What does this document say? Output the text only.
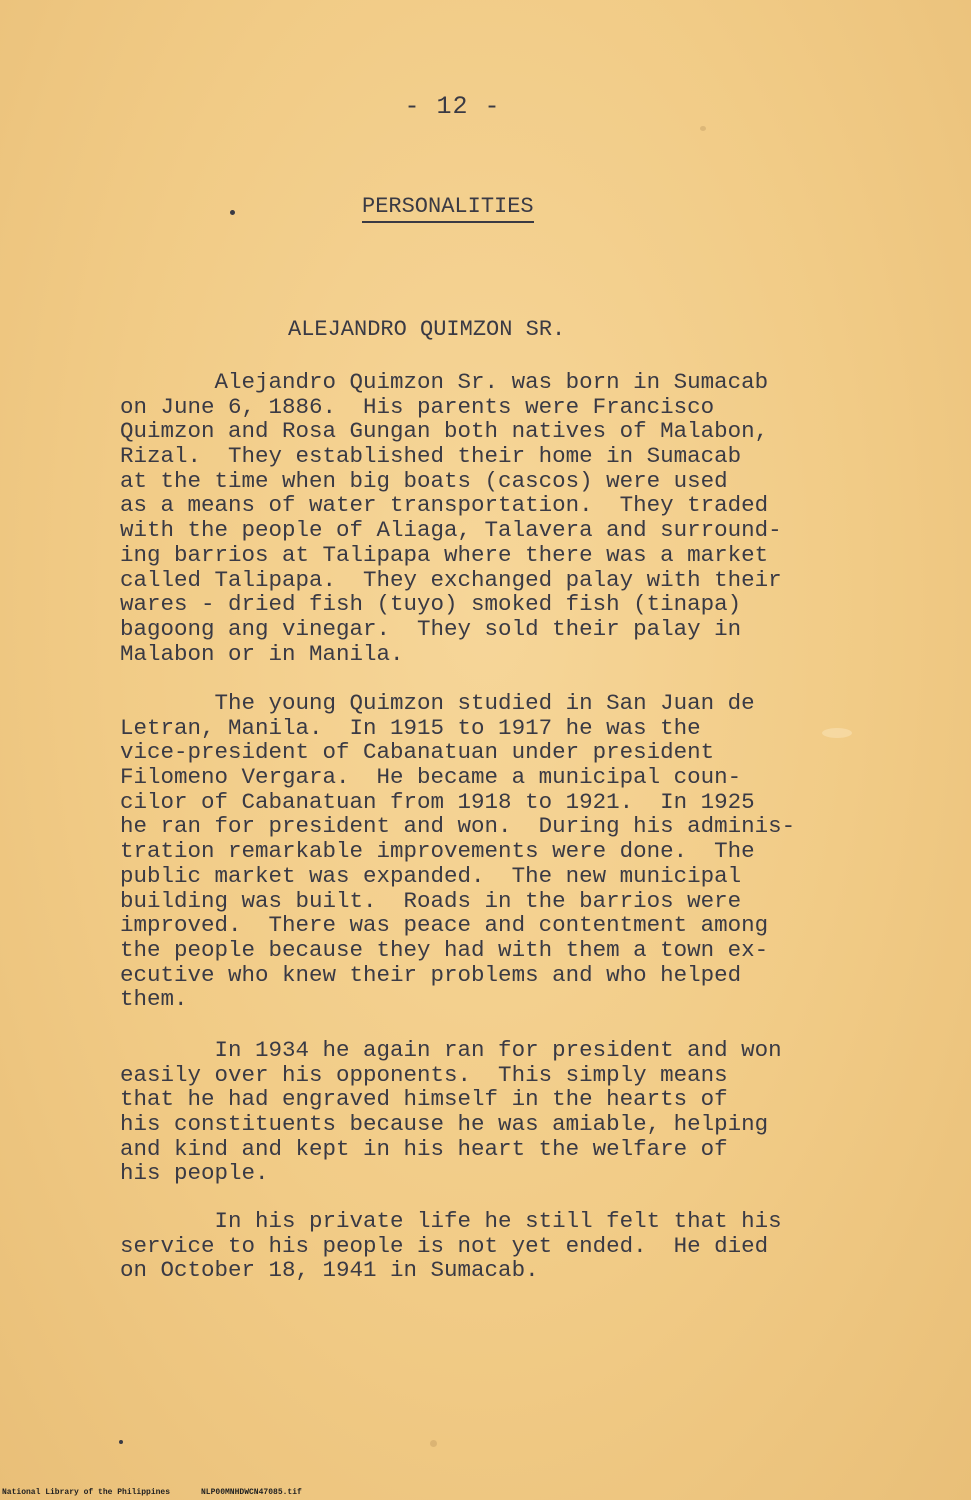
- 12 -
PERSONALITIES
ALEJANDRO QUIMZON SR.
Alejandro Quimzon Sr. was born in Sumacab
on June 6, 1886.  His parents were Francisco
Quimzon and Rosa Gungan both natives of Malabon,
Rizal.  They established their home in Sumacab
at the time when big boats (cascos) were used
as a means of water transportation.  They traded
with the people of Aliaga, Talavera and surround-
ing barrios at Talipapa where there was a market
called Talipapa.  They exchanged palay with their
wares - dried fish (tuyo) smoked fish (tinapa)
bagoong ang vinegar.  They sold their palay in
Malabon or in Manila.
The young Quimzon studied in San Juan de
Letran, Manila.  In 1915 to 1917 he was the
vice-president of Cabanatuan under president
Filomeno Vergara.  He became a municipal coun-
cilor of Cabanatuan from 1918 to 1921.  In 1925
he ran for president and won.  During his adminis-
tration remarkable improvements were done.  The
public market was expanded.  The new municipal
building was built.  Roads in the barrios were
improved.  There was peace and contentment among
the people because they had with them a town ex-
ecutive who knew their problems and who helped
them.
In 1934 he again ran for president and won
easily over his opponents.  This simply means
that he had engraved himself in the hearts of
his constituents because he was amiable, helping
and kind and kept in his heart the welfare of
his people.
In his private life he still felt that his
service to his people is not yet ended.  He died
on October 18, 1941 in Sumacab.
National Library of the Philippines	NLP00MNHDWCN47085.tif
